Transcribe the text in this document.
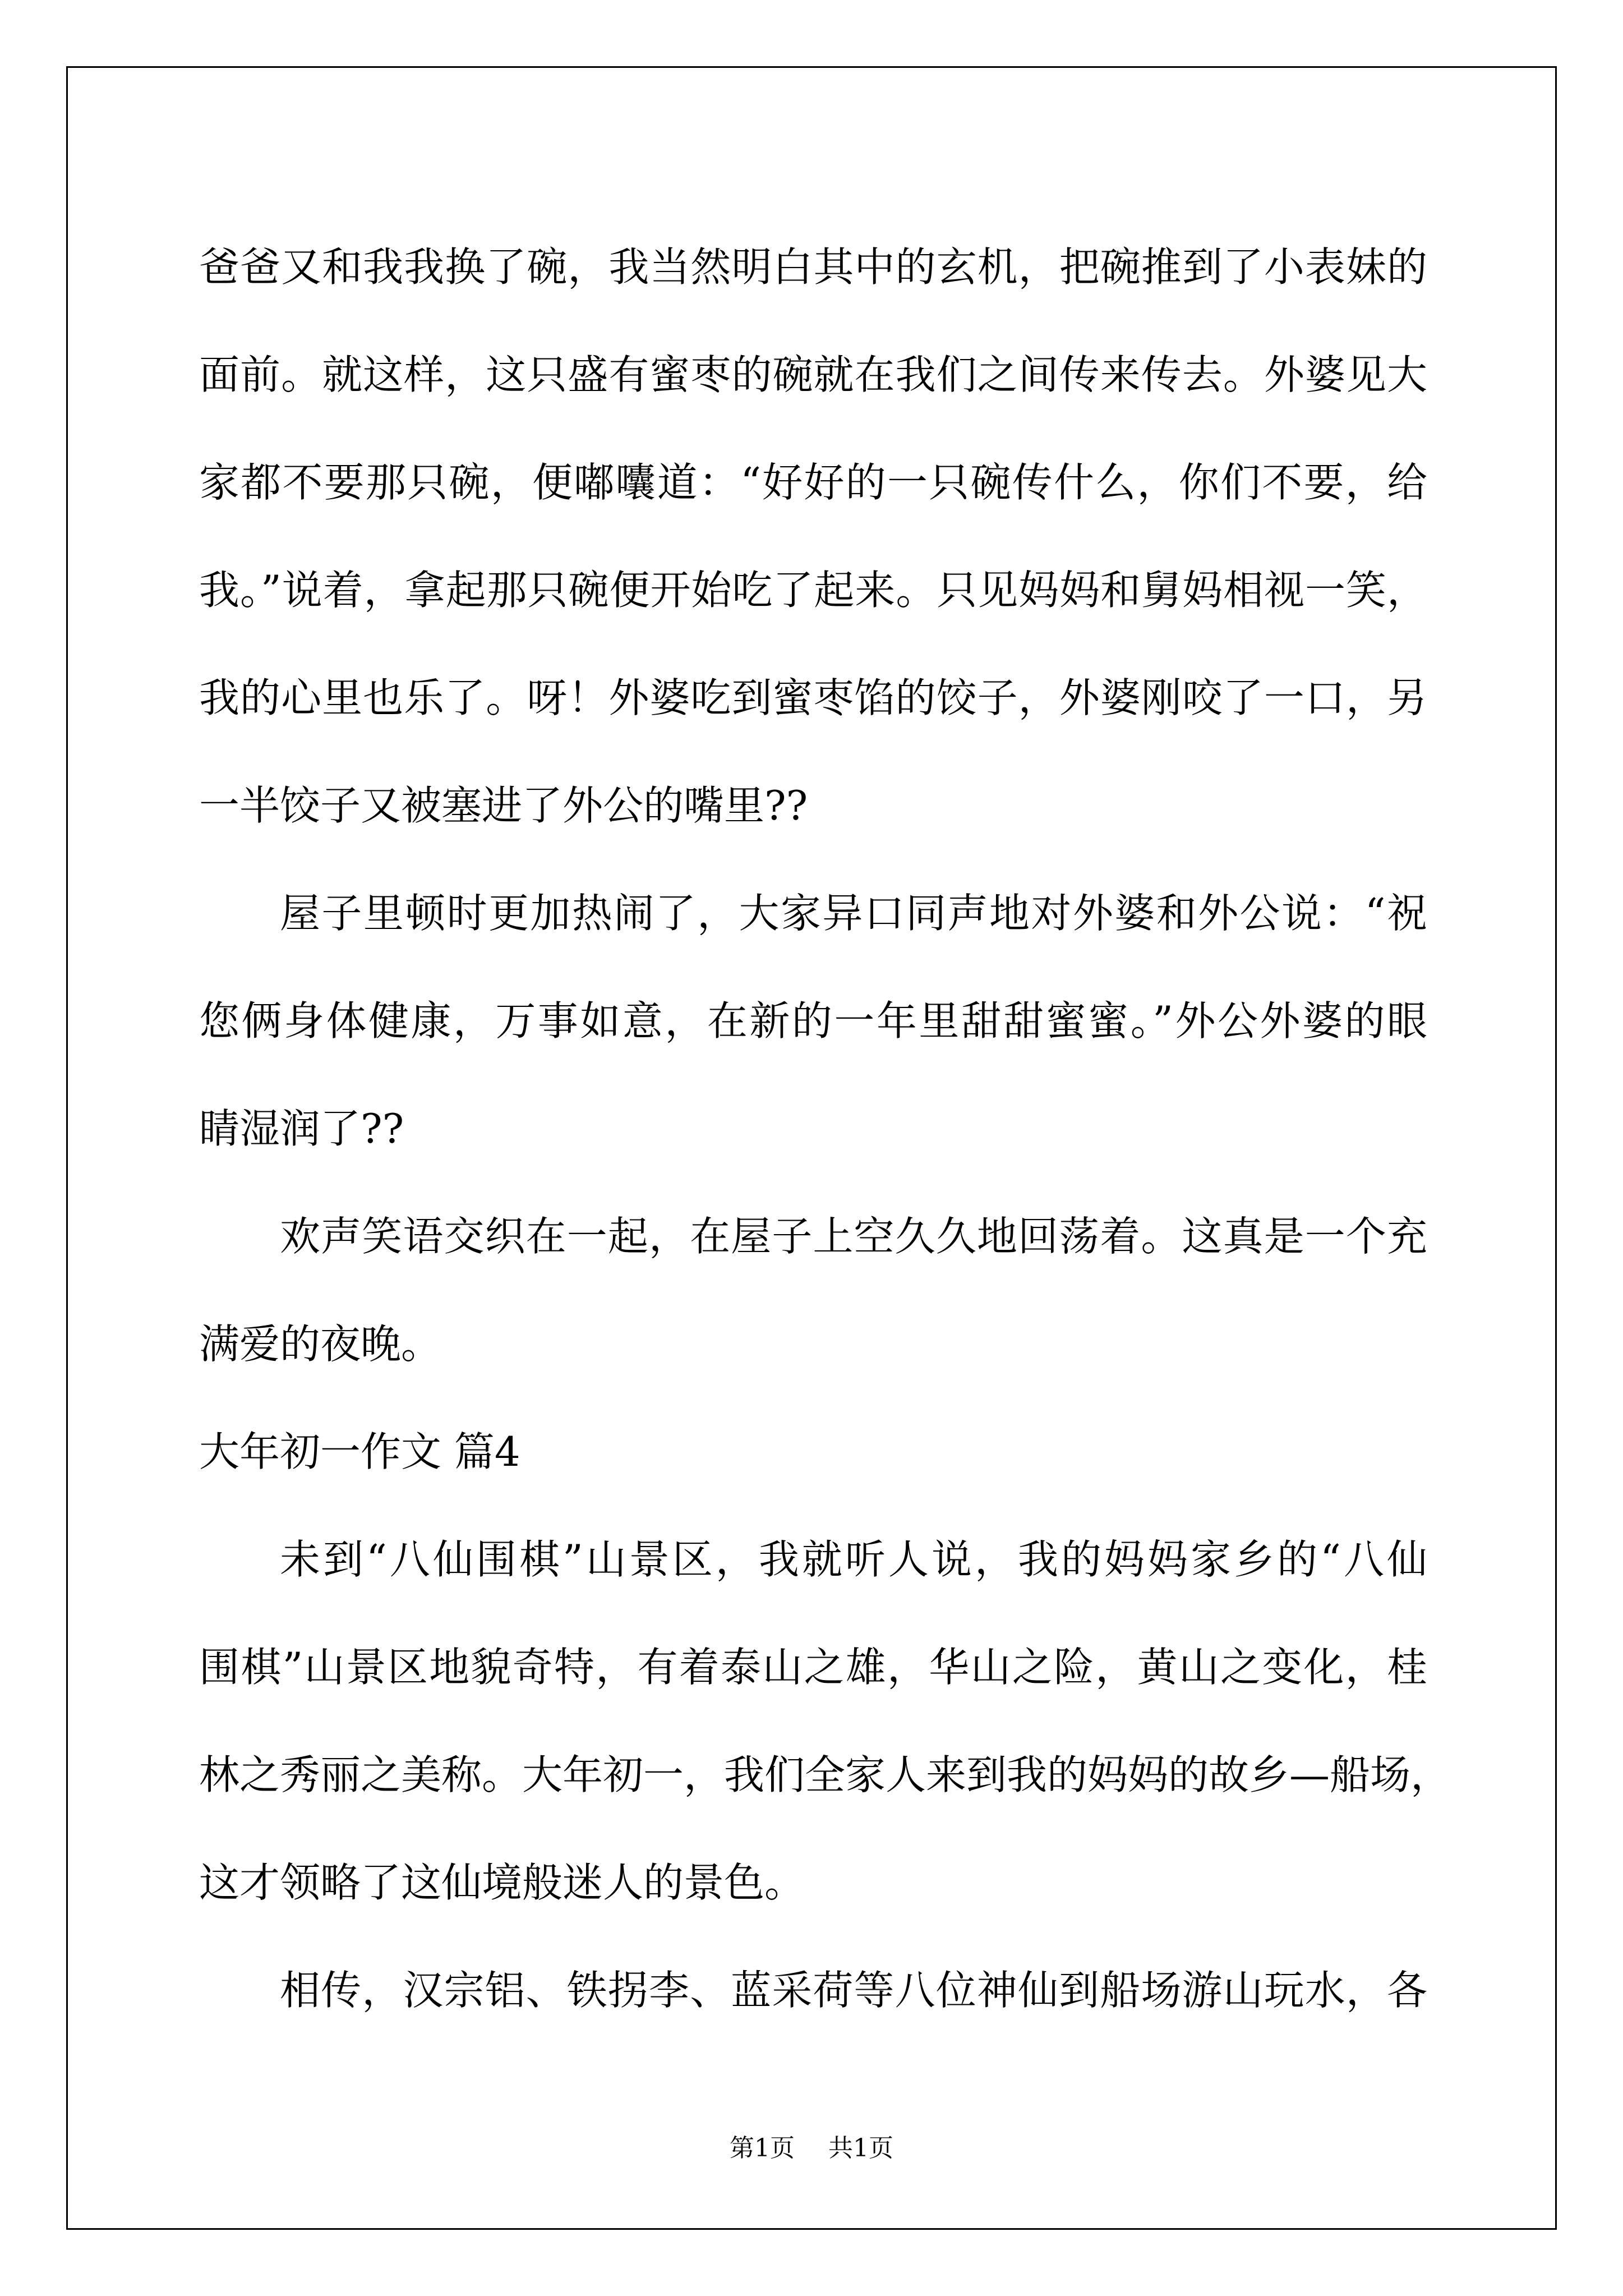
爸爸又和我我换了碗，我当然明白其中的玄机，把碗推到了小表妹的
面前。就这样，这只盛有蜜枣的碗就在我们之间传来传去。外婆见大
家都不要那只碗，便嘟囔道：“好好的一只碗传什么，你们不要，给
我。”说着，拿起那只碗便开始吃了起来。只见妈妈和舅妈相视一笑，
我的心里也乐了。呀！外婆吃到蜜枣馅的饺子，外婆刚咬了一口，另
一半饺子又被塞进了外公的嘴里??
屋子里顿时更加热闹了，大家异口同声地对外婆和外公说：“祝
您俩身体健康，万事如意，在新的一年里甜甜蜜蜜。”外公外婆的眼
睛湿润了??
欢声笑语交织在一起，在屋子上空久久地回荡着。这真是一个充
满爱的夜晚。
大年初一作文 篇4
未到“八仙围棋”山景区，我就听人说，我的妈妈家乡的“八仙
围棋”山景区地貌奇特，有着泰山之雄，华山之险，黄山之变化，桂
林之秀丽之美称。大年初一，我们全家人来到我的妈妈的故乡—船场，
这才领略了这仙境般迷人的景色。
相传，汉宗铝、铁拐李、蓝采荷等八位神仙到船场游山玩水，各
第1页 共1页
